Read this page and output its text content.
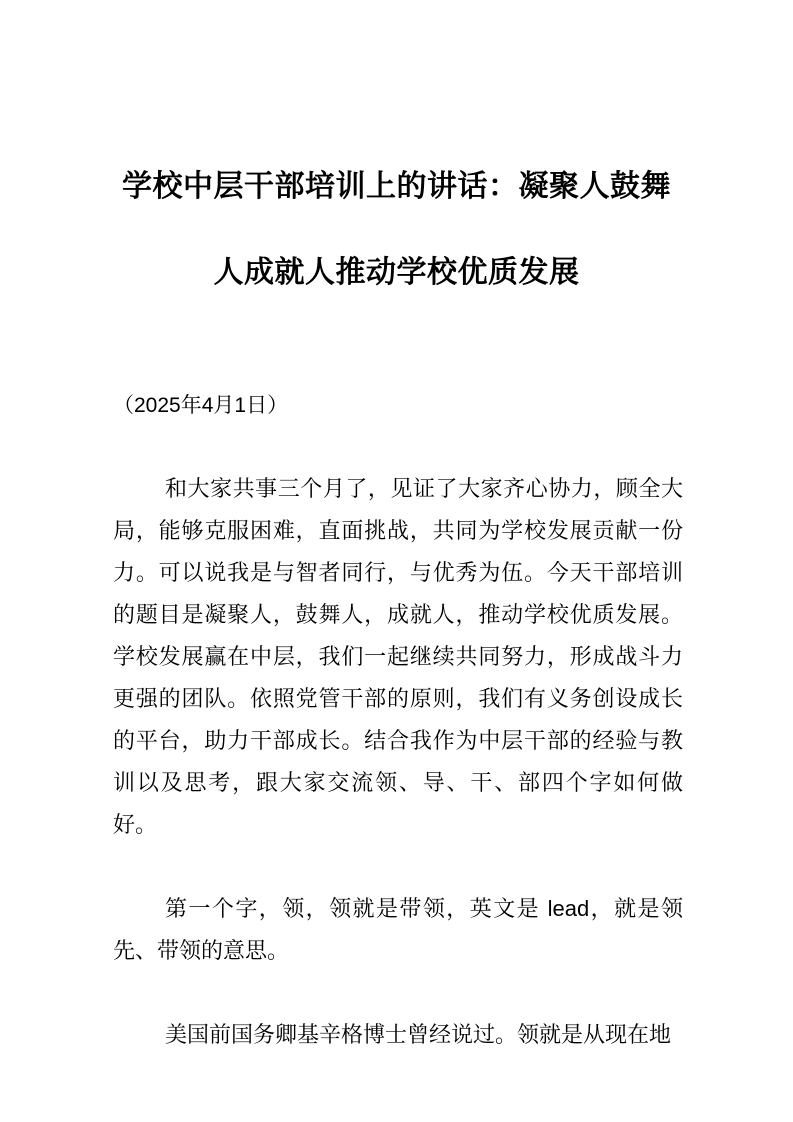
学校中层干部培训上的讲话：凝聚人鼓舞
人成就人推动学校优质发展
（2025年4月1日）

和大家共事三个月了，见证了大家齐心协力，顾全大局，能够克服困难，直面挑战，共同为学校发展贡献一份力。可以说我是与智者同行，与优秀为伍。今天干部培训的题目是凝聚人，鼓舞人，成就人，推动学校优质发展。学校发展赢在中层，我们一起继续共同努力，形成战斗力更强的团队。依照党管干部的原则，我们有义务创设成长的平台，助力干部成长。结合我作为中层干部的经验与教训以及思考，跟大家交流领、导、干、部四个字如何做好。

第一个字，领，领就是带领，英文是 lead，就是领先、带领的意思。

美国前国务卿基辛格博士曾经说过。领就是从现在地
